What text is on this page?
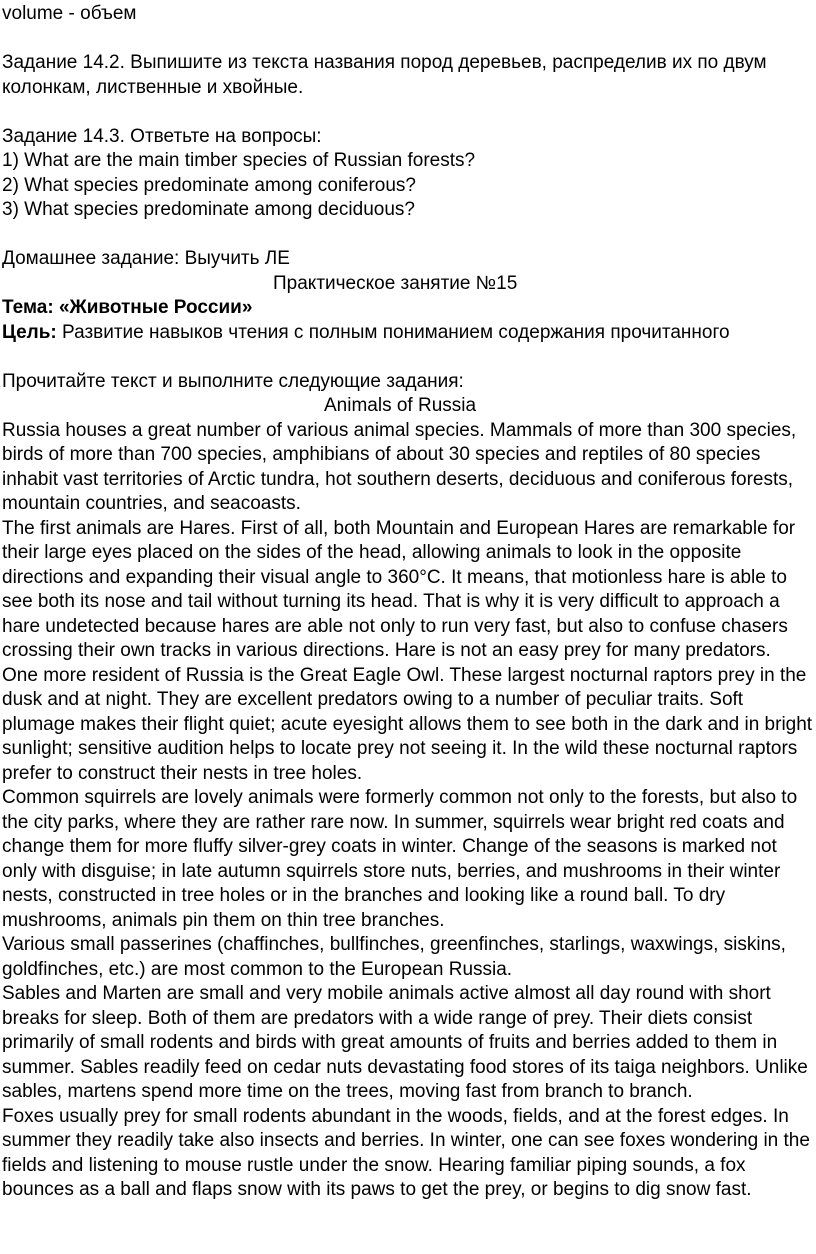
volume - объем

Задание 14.2. Выпишите из текста названия пород деревьев, распределив их по двум колонкам, лиственные и хвойные.

Задание 14.3. Ответьте на вопросы:

1) What are the main timber species of Russian forests?

2) What species predominate among coniferous?

3) What species predominate among deciduous?

Домашнее задание: Выучить ЛЕ

Практическое занятие №15

Тема: «Животные России»

Цель: Развитие навыков чтения с полным пониманием содержания прочитанного

Прочитайте текст и выполните следующие задания:

Animals of Russia

Russia houses a great number of various animal species. Mammals of more than 300 species, birds of more than 700 species, amphibians of about 30 species and reptiles of 80 species inhabit vast territories of Arctic tundra, hot southern deserts, deciduous and coniferous forests, mountain countries, and seacoasts.

The first animals are Hares. First of all, both Mountain and European Hares are remarkable for their large eyes placed on the sides of the head, allowing animals to look in the opposite directions and expanding their visual angle to 360°C. It means, that motionless hare is able to see both its nose and tail without turning its head. That is why it is very difficult to approach a hare undetected because hares are able not only to run very fast, but also to confuse chasers crossing their own tracks in various directions. Hare is not an easy prey for many predators.

One more resident of Russia is the Great Eagle Owl. These largest nocturnal raptors prey in the dusk and at night. They are excellent predators owing to a number of peculiar traits. Soft plumage makes their flight quiet; acute eyesight allows them to see both in the dark and in bright sunlight; sensitive audition helps to locate prey not seeing it. In the wild these nocturnal raptors prefer to construct their nests in tree holes.

Common squirrels are lovely animals were formerly common not only to the forests, but also to the city parks, where they are rather rare now. In summer, squirrels wear bright red coats and change them for more fluffy silver-grey coats in winter. Change of the seasons is marked not only with disguise; in late autumn squirrels store nuts, berries, and mushrooms in their winter nests, constructed in tree holes or in the branches and looking like a round ball. To dry mushrooms, animals pin them on thin tree branches.

Various small passerines (chaffinches, bullfinches, greenfinches, starlings, waxwings, siskins, goldfinches, etc.) are most common to the European Russia.

Sables and Marten are small and very mobile animals active almost all day round with short breaks for sleep. Both of them are predators with a wide range of prey. Their diets consist primarily of small rodents and birds with great amounts of fruits and berries added to them in summer. Sables readily feed on cedar nuts devastating food stores of its taiga neighbors. Unlike sables, martens spend more time on the trees, moving fast from branch to branch.

Foxes usually prey for small rodents abundant in the woods, fields, and at the forest edges. In summer they readily take also insects and berries. In winter, one can see foxes wondering in the fields and listening to mouse rustle under the snow. Hearing familiar piping sounds, a fox bounces as a ball and flaps snow with its paws to get the prey, or begins to dig snow fast.
